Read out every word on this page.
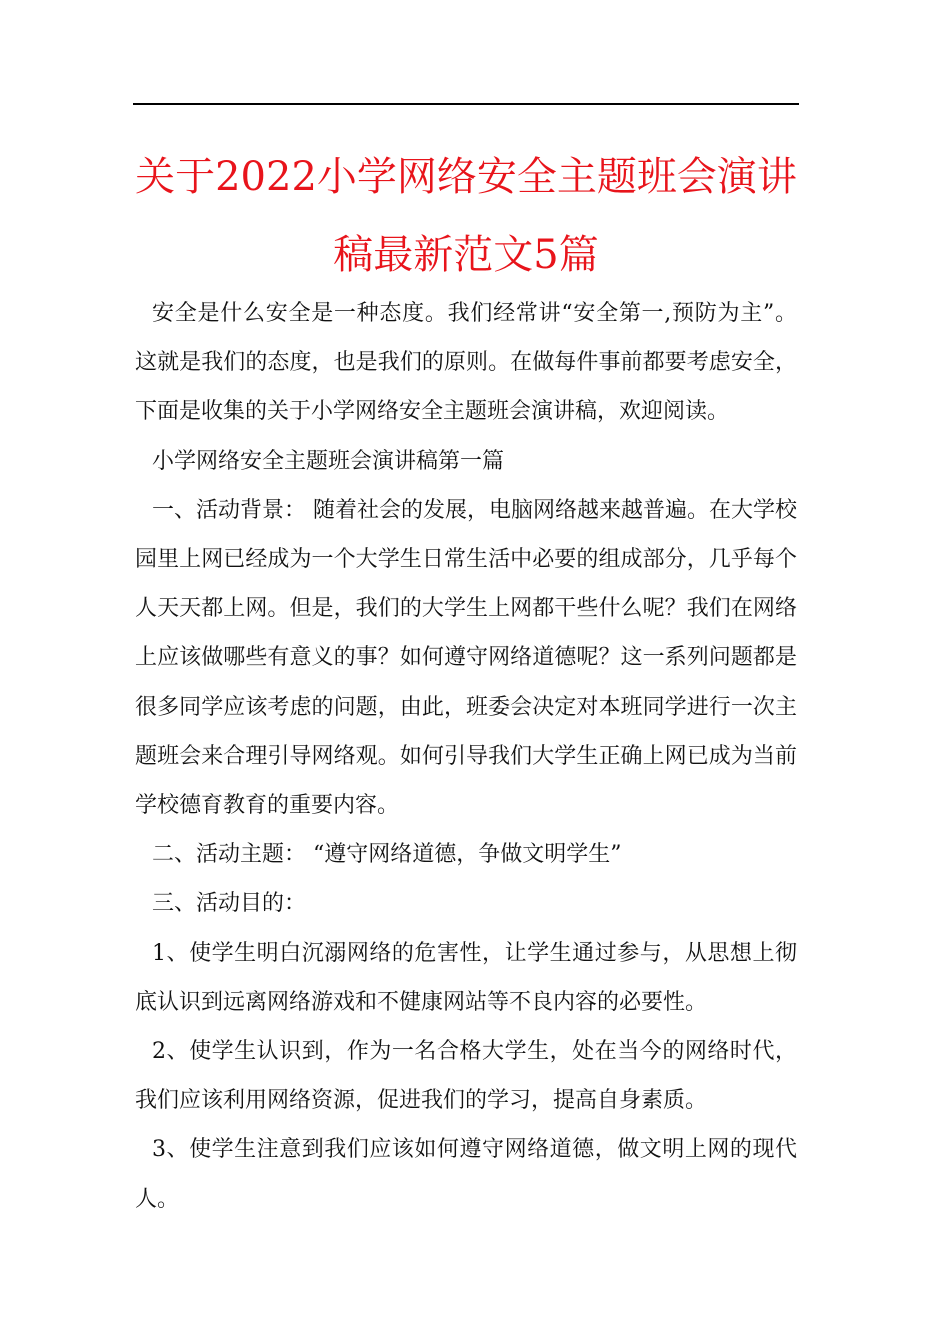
关于2022小学网络安全主题班会演讲稿最新范文5篇

安全是什么安全是一种态度。我们经常讲“安全第一,预防为主”。这就是我们的态度，也是我们的原则。在做每件事前都要考虑安全，下面是收集的关于小学网络安全主题班会演讲稿，欢迎阅读。

小学网络安全主题班会演讲稿第一篇

一、活动背景： 随着社会的发展，电脑网络越来越普遍。在大学校园里上网已经成为一个大学生日常生活中必要的组成部分，几乎每个人天天都上网。但是，我们的大学生上网都干些什么呢？我们在网络上应该做哪些有意义的事？如何遵守网络道德呢？这一系列问题都是很多同学应该考虑的问题，由此，班委会决定对本班同学进行一次主题班会来合理引导网络观。如何引导我们大学生正确上网已成为当前学校德育教育的重要内容。

二、活动主题： “遵守网络道德，争做文明学生”

三、活动目的：

1、使学生明白沉溺网络的危害性，让学生通过参与，从思想上彻底认识到远离网络游戏和不健康网站等不良内容的必要性。

2、使学生认识到，作为一名合格大学生，处在当今的网络时代，我们应该利用网络资源，促进我们的学习，提高自身素质。

3、使学生注意到我们应该如何遵守网络道德，做文明上网的现代人。
